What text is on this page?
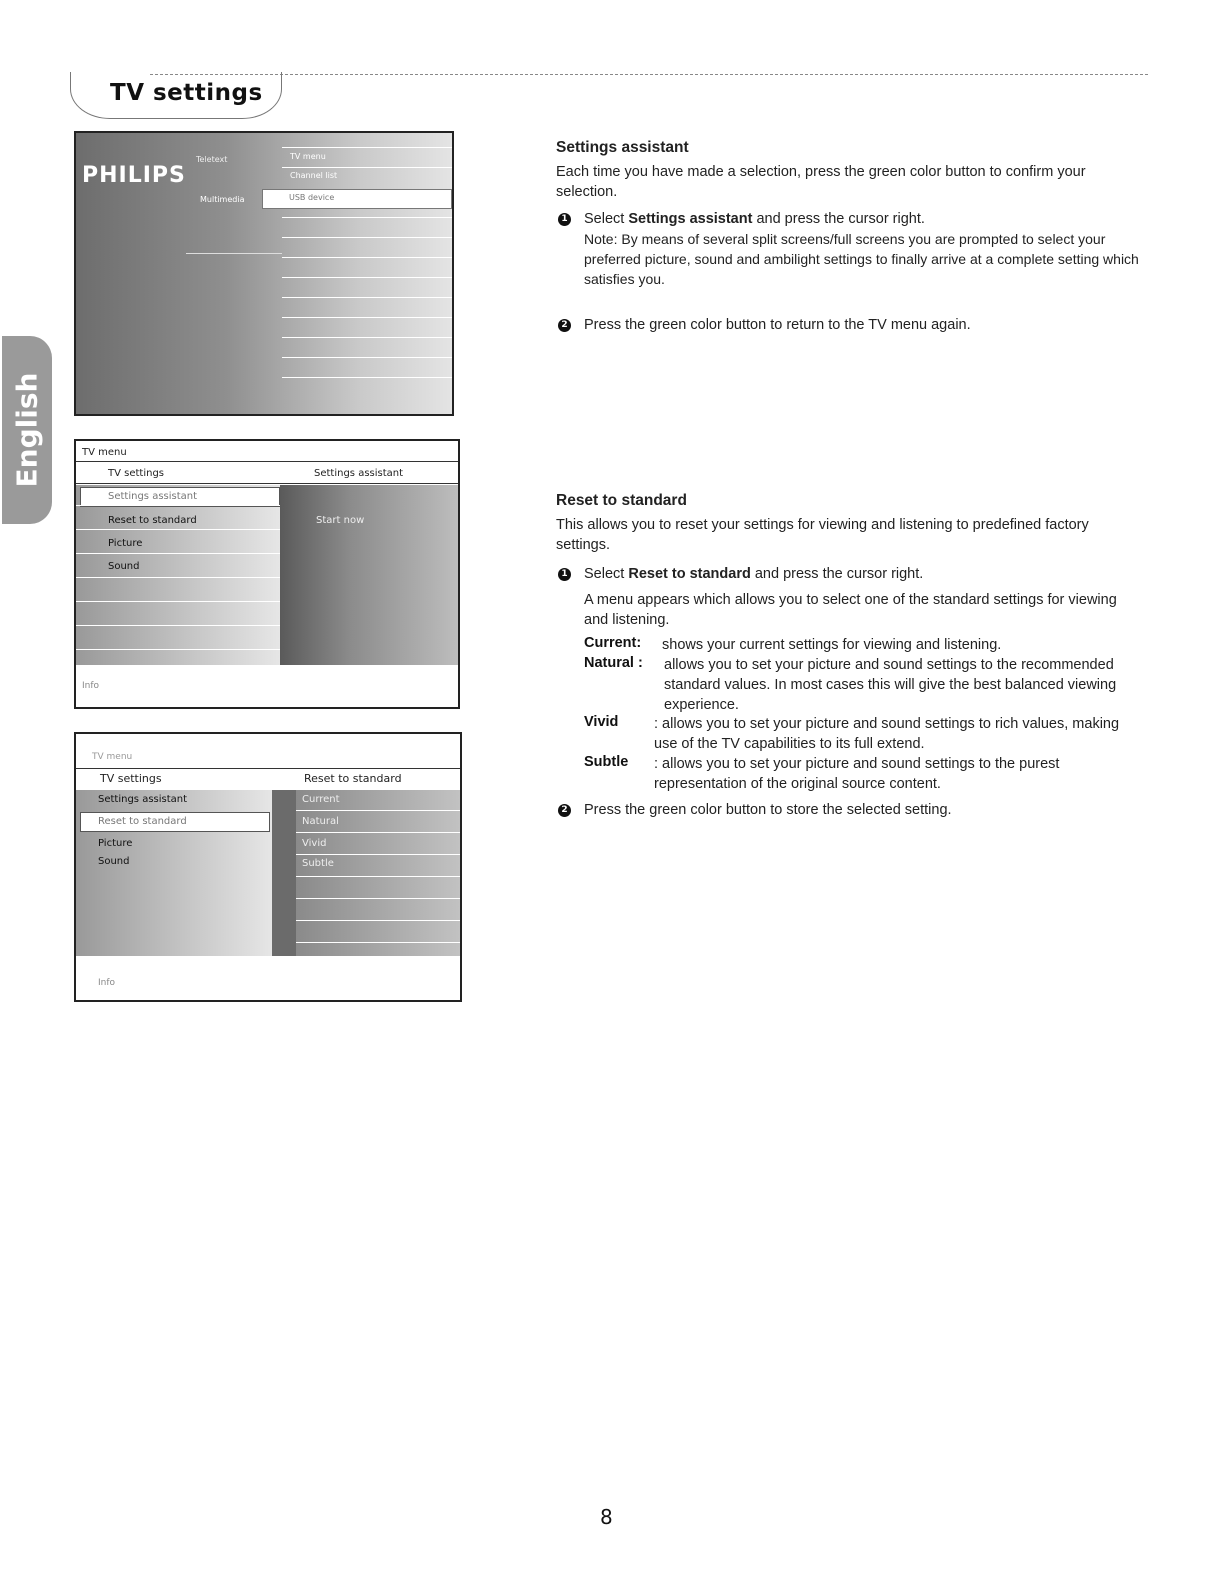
TV settings
English
PHILIPS
Teletext
Multimedia
TV menu
Channel list
USB device
TV menu
TV settings	Settings assistant
Settings assistant
Reset to standard
Picture
Sound
Start now
Info
TV menu
TV settings	Reset to standard
Settings assistant
Reset to standard
Picture
Sound
Current
Natural
Vivid
Subtle
Info
Settings assistant
Each time you have made a selection, press the green color button to confirm your selection.
1 Select Settings assistant and press the cursor right.
Note: By means of several split screens/full screens you are prompted to select your preferred picture, sound and ambilight settings to finally arrive at a complete setting which satisfies you.
2 Press the green color button to return to the TV menu again.
Reset to standard
This allows you to reset your settings for viewing and listening to predefined factory settings.
1 Select Reset to standard and press the cursor right.
A menu appears which allows you to select one of the standard settings for viewing and listening.
Current: shows your current settings for viewing and listening.
Natural : allows you to set your picture and sound settings to the recommended standard values. In most cases this will give the best balanced viewing experience.
Vivid : allows you to set your picture and sound settings to rich values, making use of the TV capabilities to its full extend.
Subtle : allows you to set your picture and sound settings to the purest representation of the original source content.
2 Press the green color button to store the selected setting.
8
